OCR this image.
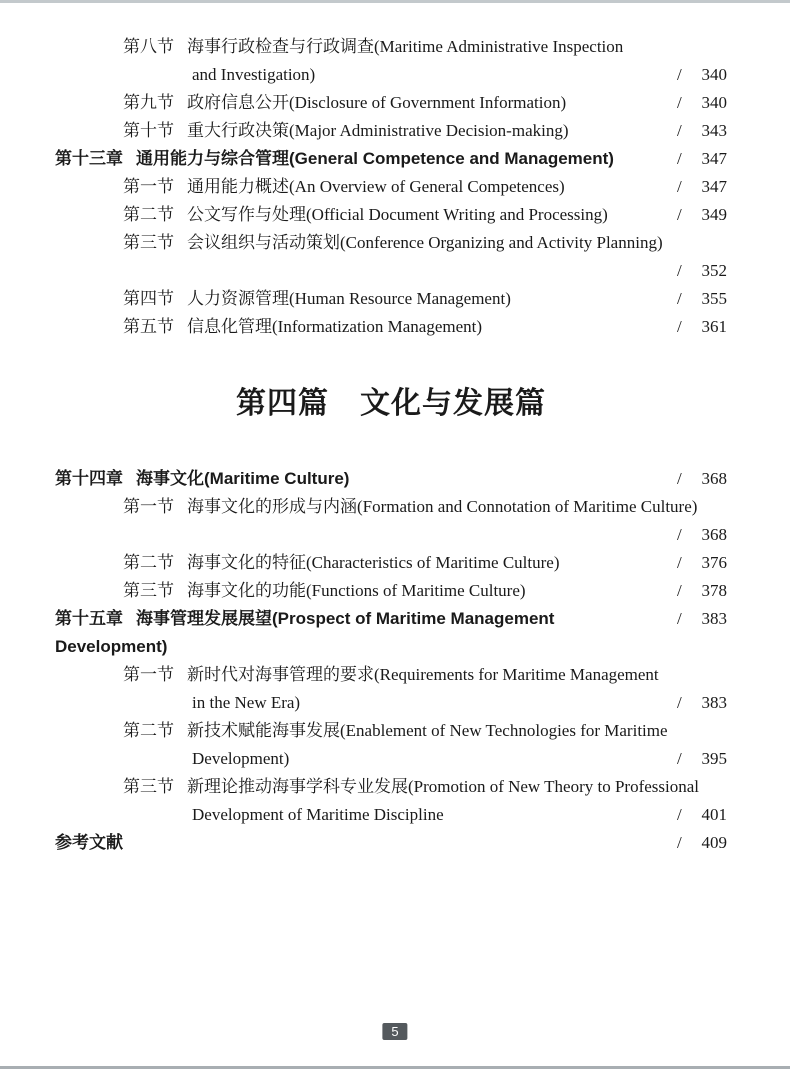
第八节 海事行政检查与行政调查(Maritime Administrative Inspection
and Investigation)	/ 340
第九节 政府信息公开(Disclosure of Government Information)	/ 340
第十节 重大行政决策(Major Administrative Decision-making)	/ 343
第十三章 通用能力与综合管理(General Competence and Management)	/ 347
第一节 通用能力概述(An Overview of General Competences)	/ 347
第二节 公文写作与处理(Official Document Writing and Processing)	/ 349
第三节 会议组织与活动策划(Conference Organizing and Activity Planning)
/ 352
第四节 人力资源管理(Human Resource Management)	/ 355
第五节 信息化管理(Informatization Management)	/ 361
第四篇　文化与发展篇
第十四章 海事文化(Maritime Culture)	/ 368
第一节 海事文化的形成与内涵(Formation and Connotation of Maritime Culture)
/ 368
第二节 海事文化的特征(Characteristics of Maritime Culture)	/ 376
第三节 海事文化的功能(Functions of Maritime Culture)	/ 378
第十五章 海事管理发展展望(Prospect of Maritime Management Development)
/ 383
第一节 新时代对海事管理的要求(Requirements for Maritime Management
in the New Era)	/ 383
第二节 新技术赋能海事发展(Enablement of New Technologies for Maritime
Development)	/ 395
第三节 新理论推动海事学科专业发展(Promotion of New Theory to Professional
Development of Maritime Discipline	/ 401
参考文献	/ 409
5
